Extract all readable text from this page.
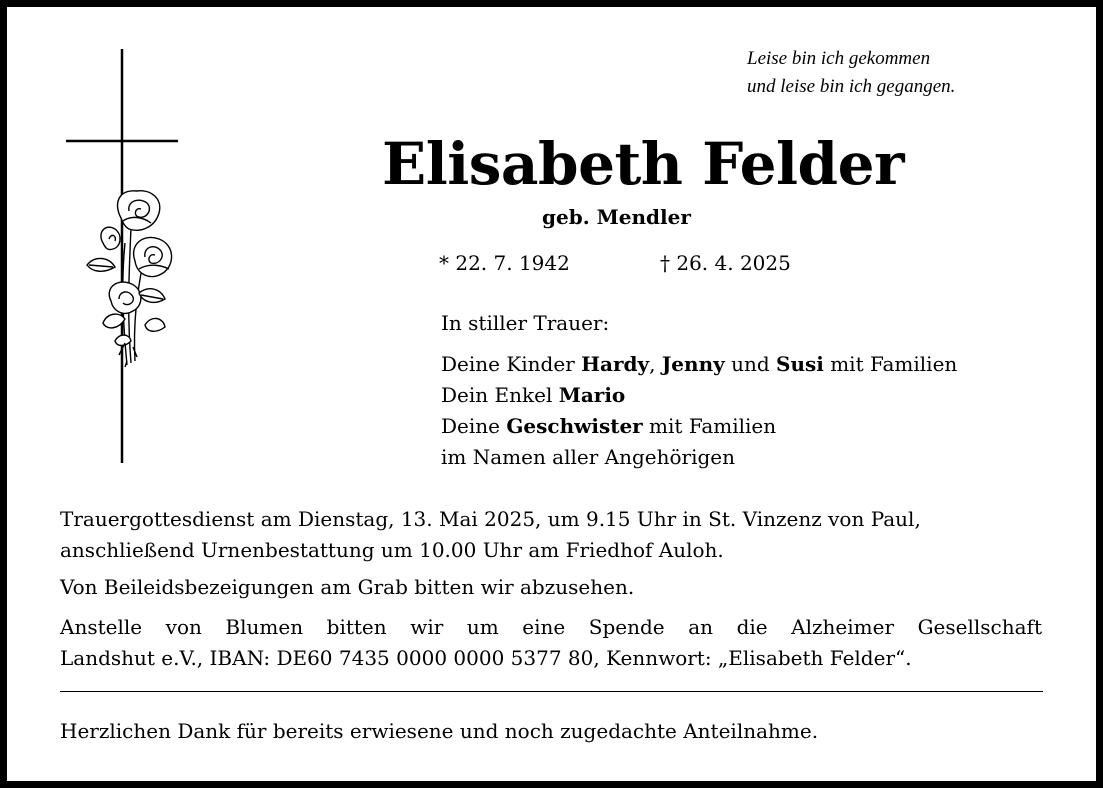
Leise bin ich gekommen
und leise bin ich gegangen.
Elisabeth Felder
geb. Mendler
* 22. 7. 1942	† 26. 4. 2025
In stiller Trauer:
Deine Kinder Hardy, Jenny und Susi mit Familien
Dein Enkel Mario
Deine Geschwister mit Familien
im Namen aller Angehörigen
Trauergottesdienst am Dienstag, 13. Mai 2025, um 9.15 Uhr in St. Vinzenz von Paul,
anschließend Urnenbestattung um 10.00 Uhr am Friedhof Auloh.
Von Beileidsbezeigungen am Grab bitten wir abzusehen.
Anstelle von Blumen bitten wir um eine Spende an die Alzheimer Gesellschaft
Landshut e.V., IBAN: DE60 7435 0000 0000 5377 80, Kennwort: „Elisabeth Felder“.
Herzlichen Dank für bereits erwiesene und noch zugedachte Anteilnahme.
